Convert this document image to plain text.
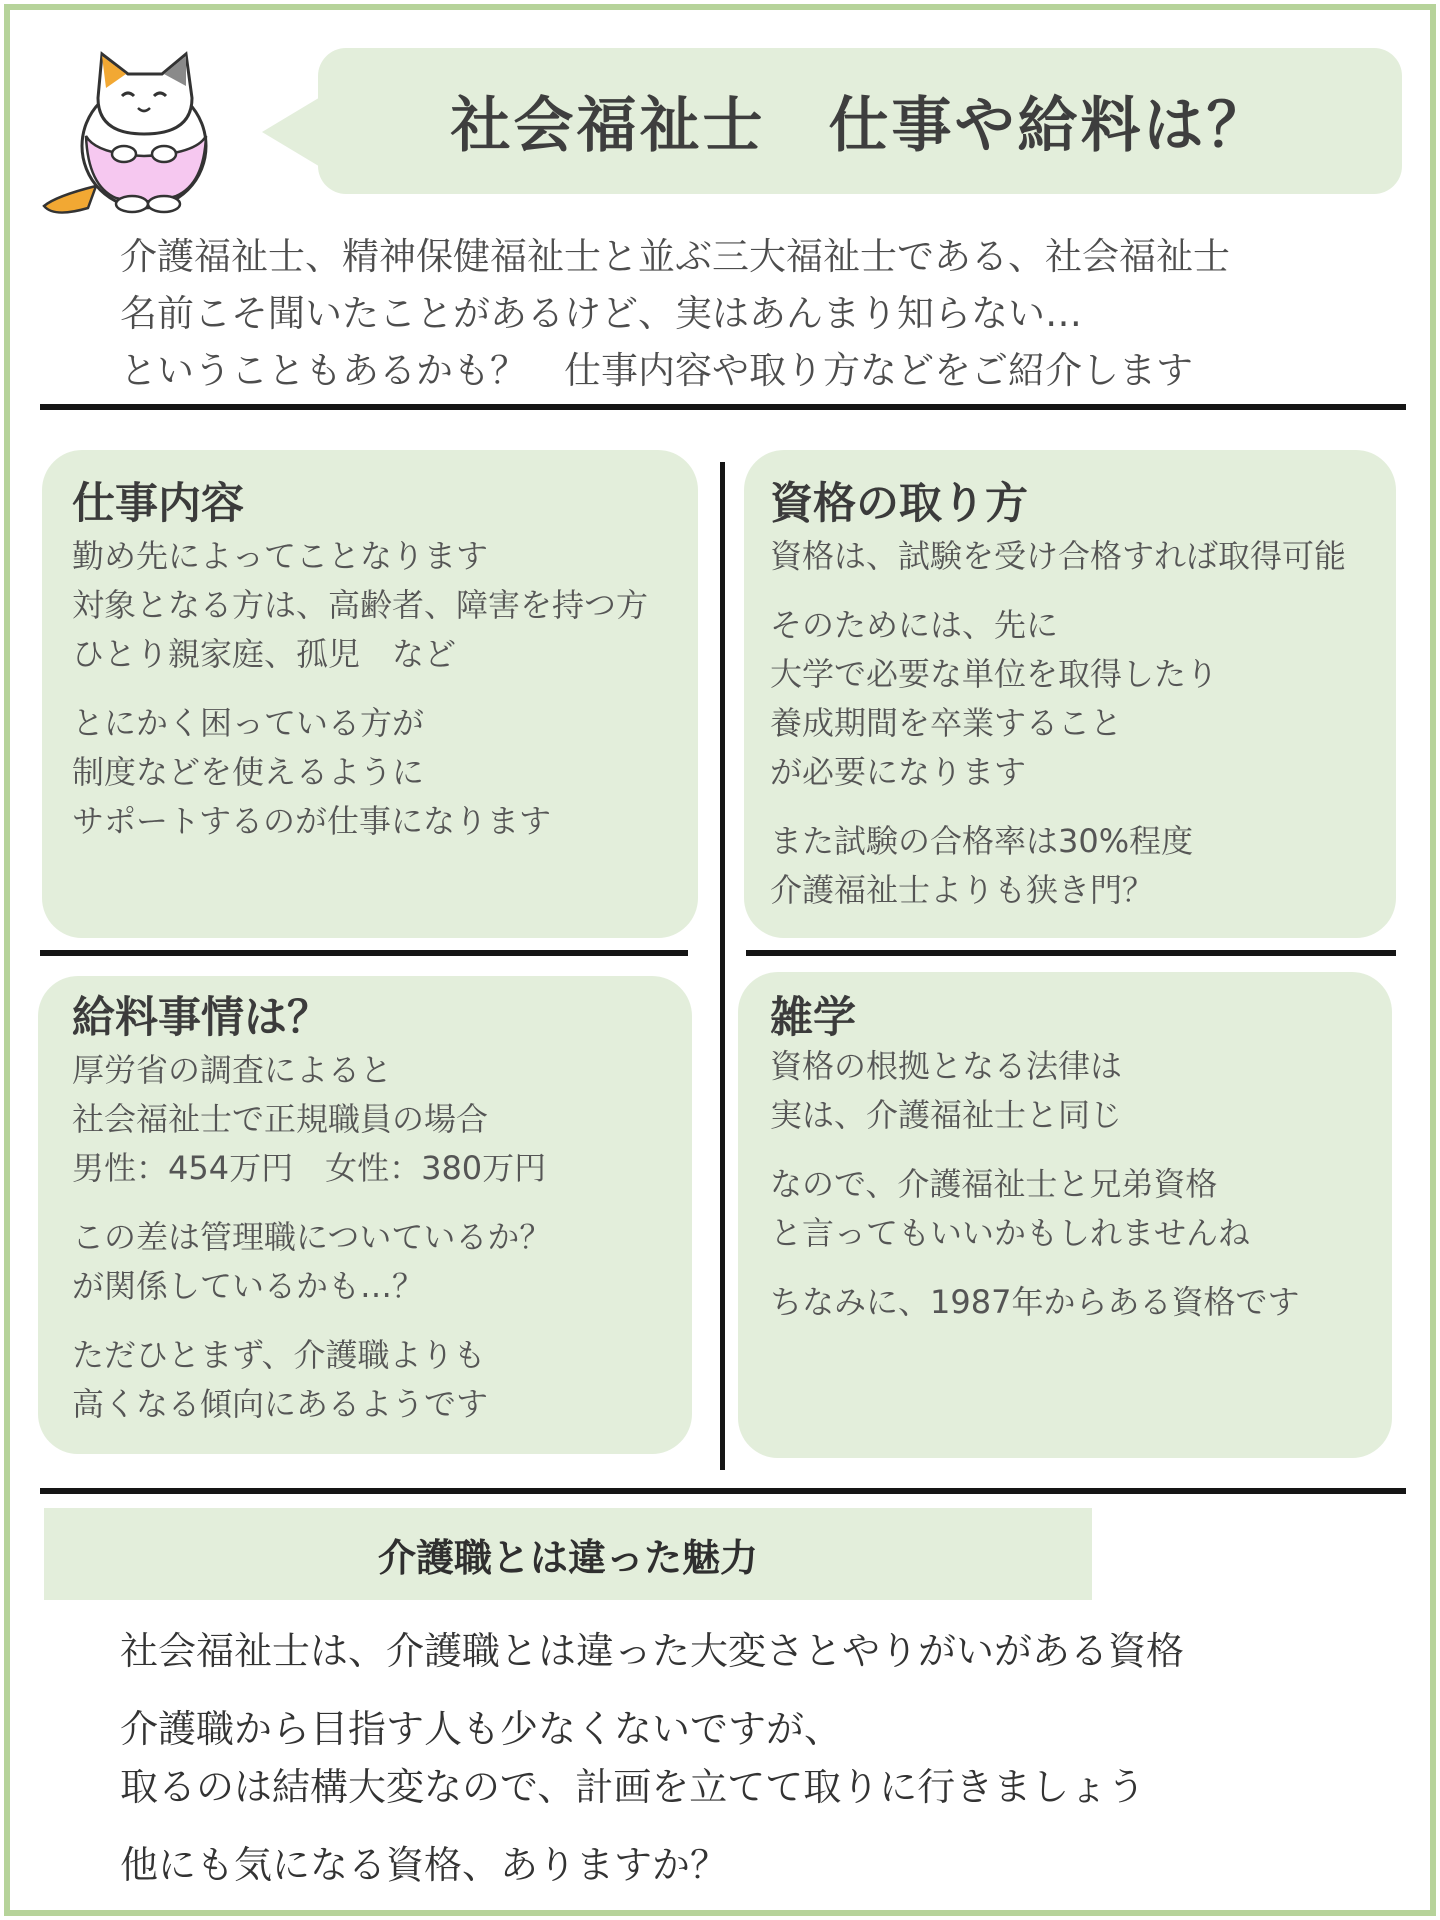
社会福祉士　仕事や給料は？
介護福祉士、精神保健福祉士と並ぶ三大福祉士である、社会福祉士
名前こそ聞いたことがあるけど、実はあんまり知らない…
ということもあるかも？　仕事内容や取り方などをご紹介します
仕事内容
勤め先によってことなります
対象となる方は、高齢者、障害を持つ方
ひとり親家庭、孤児　など
とにかく困っている方が
制度などを使えるように
サポートするのが仕事になります
資格の取り方
資格は、試験を受け合格すれば取得可能
そのためには、先に
大学で必要な単位を取得したり
養成期間を卒業すること
が必要になります
また試験の合格率は30%程度
介護福祉士よりも狭き門？
給料事情は？
厚労省の調査によると
社会福祉士で正規職員の場合
男性：454万円　女性：380万円
この差は管理職についているか？
が関係しているかも…？
ただひとまず、介護職よりも
高くなる傾向にあるようです
雑学
資格の根拠となる法律は
実は、介護福祉士と同じ
なので、介護福祉士と兄弟資格
と言ってもいいかもしれませんね
ちなみに、1987年からある資格です
介護職とは違った魅力
社会福祉士は、介護職とは違った大変さとやりがいがある資格
介護職から目指す人も少なくないですが、
取るのは結構大変なので、計画を立てて取りに行きましょう
他にも気になる資格、ありますか？
